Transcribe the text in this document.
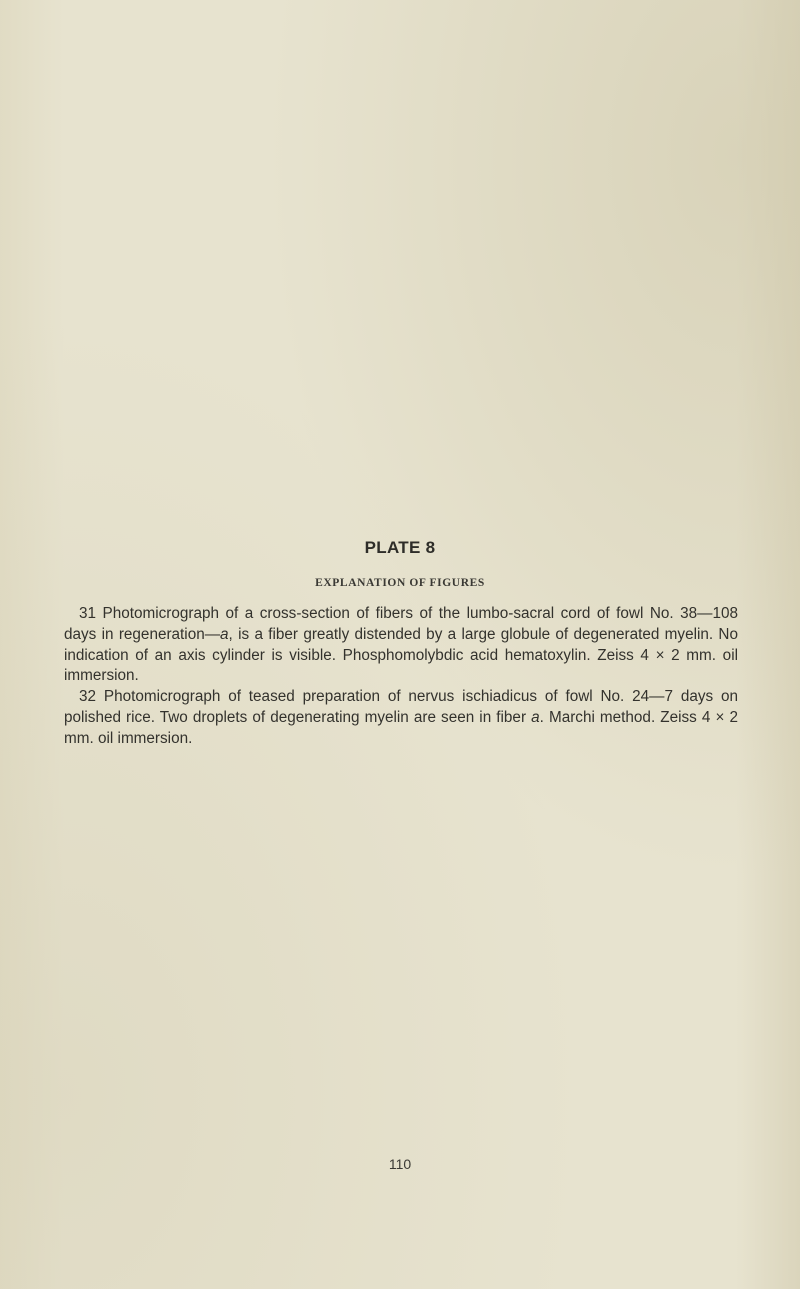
PLATE 8
EXPLANATION OF FIGURES

31 Photomicrograph of a cross-section of fibers of the lumbo-sacral cord of fowl No. 38—108 days in regeneration—a, is a fiber greatly distended by a large globule of degenerated myelin. No indication of an axis cylinder is visible. Phosphomolybdic acid hematoxylin. Zeiss 4 × 2 mm. oil immersion.

32 Photomicrograph of teased preparation of nervus ischiadicus of fowl No. 24—7 days on polished rice. Two droplets of degenerating myelin are seen in fiber a. Marchi method. Zeiss 4 × 2 mm. oil immersion.

110
